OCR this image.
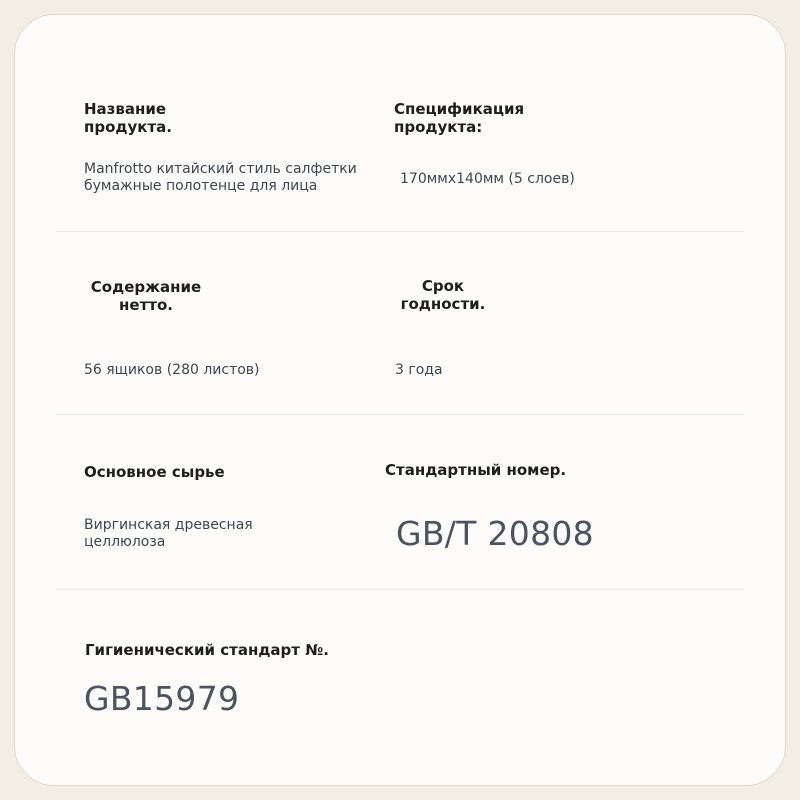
Название продукта.
Manfrotto китайский стиль салфетки бумажные полотенце для лица
Спецификация продукта:
170ммx140мм (5 слоев)
Содержание нетто.
56 ящиков (280 листов)
Срок годности.
3 года
Основное сырье
Виргинская древесная целлюлоза
Стандартный номер.
GB/T 20808
Гигиенический стандарт №.
GB15979
